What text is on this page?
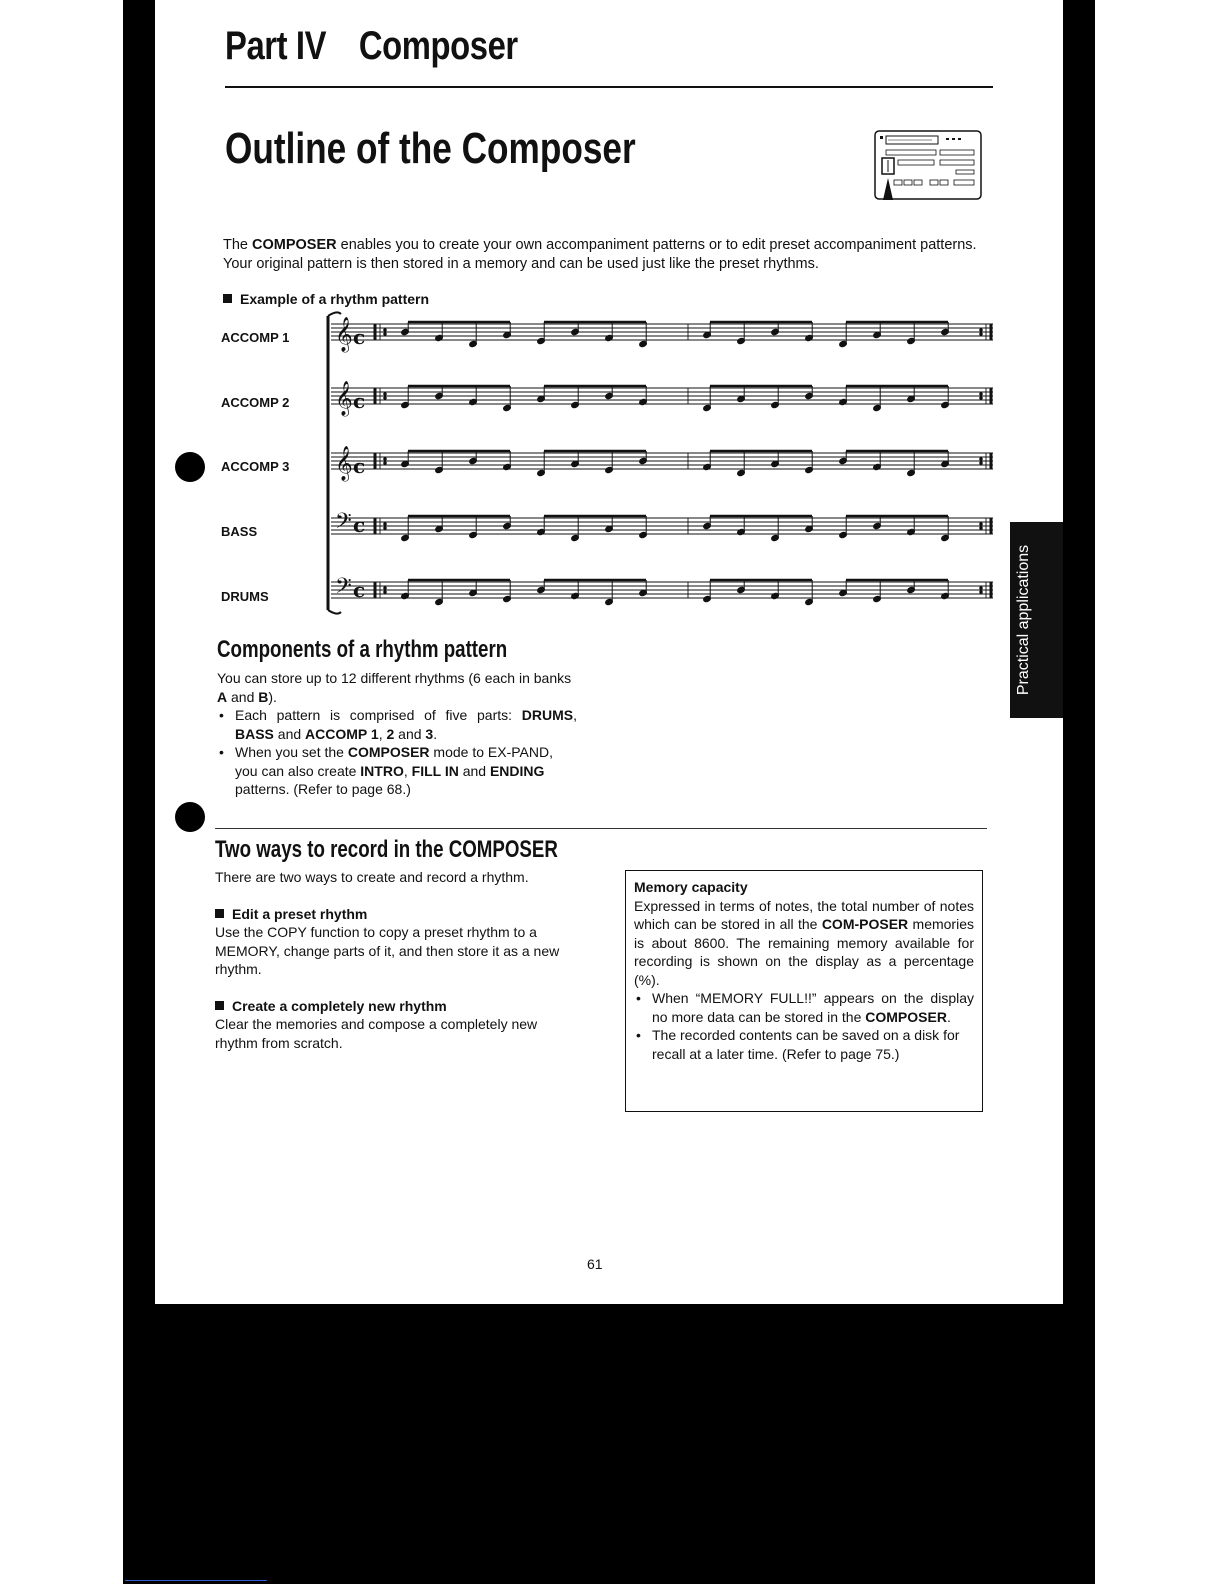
Part IV Composer
Outline of the Composer

The COMPOSER enables you to create your own accompaniment patterns or to edit preset accompaniment patterns. Your original pattern is then stored in a memory and can be used just like the preset rhythms.

Example of a rhythm pattern
ACCOMP 1
ACCOMP 2
ACCOMP 3
BASS
DRUMS
𝄞
𝄞
𝄞
𝄢
𝄢
c
c
c
c
c	Practical applications
Components of a rhythm pattern

You can store up to 12 different rhythms (6 each in banks A and B).

• Each pattern is comprised of five parts: DRUMS, BASS and ACCOMP 1, 2 and 3.
• When you set the COMPOSER mode to EX-PAND, you can also create INTRO, FILL IN and ENDING patterns. (Refer to page 68.)
Two ways to record in the COMPOSER

There are two ways to create and record a rhythm.

Edit a preset rhythm

Use the COPY function to copy a preset rhythm to a MEMORY, change parts of it, and then store it as a new rhythm.

Create a completely new rhythm

Clear the memories and compose a completely new rhythm from scratch.

Memory capacity

Expressed in terms of notes, the total number of notes which can be stored in all the COM-POSER memories is about 8600. The remaining memory available for recording is shown on the display as a percentage (%).

• When “MEMORY FULL!!” appears on the display no more data can be stored in the COMPOSER.
• The recorded contents can be saved on a disk for recall at a later time. (Refer to page 75.)
61
